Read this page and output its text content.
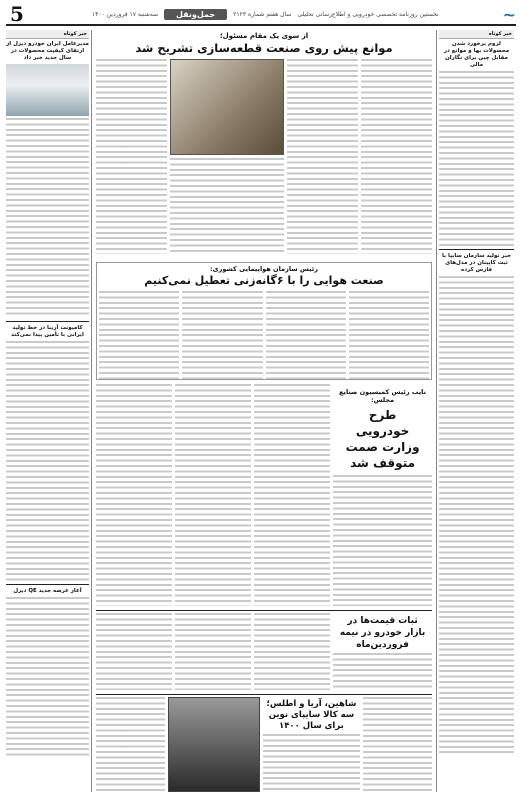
5	سه‌شنبه ۱۷ فروردین ۱۴۰۰	حمل‌ونقل	سال هفتم شماره ۲۱۲۳ نخستین روزنامه تخصصی خودرویی و اطلاع‌رسانی تحلیلی	~
خبر کوتاه
لزوم برخورد شدن محصولات بها و موانع در مقابل چین برای نگاران مالی
خبر تولید سازمان سایپا با ثبت کاپیتان در مدل‌های فارس کرده
خبر کوتاه
مدیرعامل ایران خودرو دیزل از ارتقای کیفیت محصولات در سال جدید خبر داد
کامیونت آرینا در خط تولید ایرانی با تأمین پیدا نمی‌کند
آغاز عرضه جدید QE دیزل
از سوی یک مقام مسئول؛
موانع پیش روی صنعت قطعه‌سازی تشریح شد
رئیس سازمان هواپیمایی کشوری:
صنعت هوایی را با ۶گانه‌زنی تعطیل نمی‌کنیم
نایب رئیس کمیسیون صنایع مجلس:
طرح خودرویی وزارت صمت متوقف شد
ثبات قیمت‌ها در بازار خودرو در نیمه فروردین‌ماه
شاهین، آریا و اطلس؛ سه کالا سایپای نوین برای سال ۱۴۰۰
